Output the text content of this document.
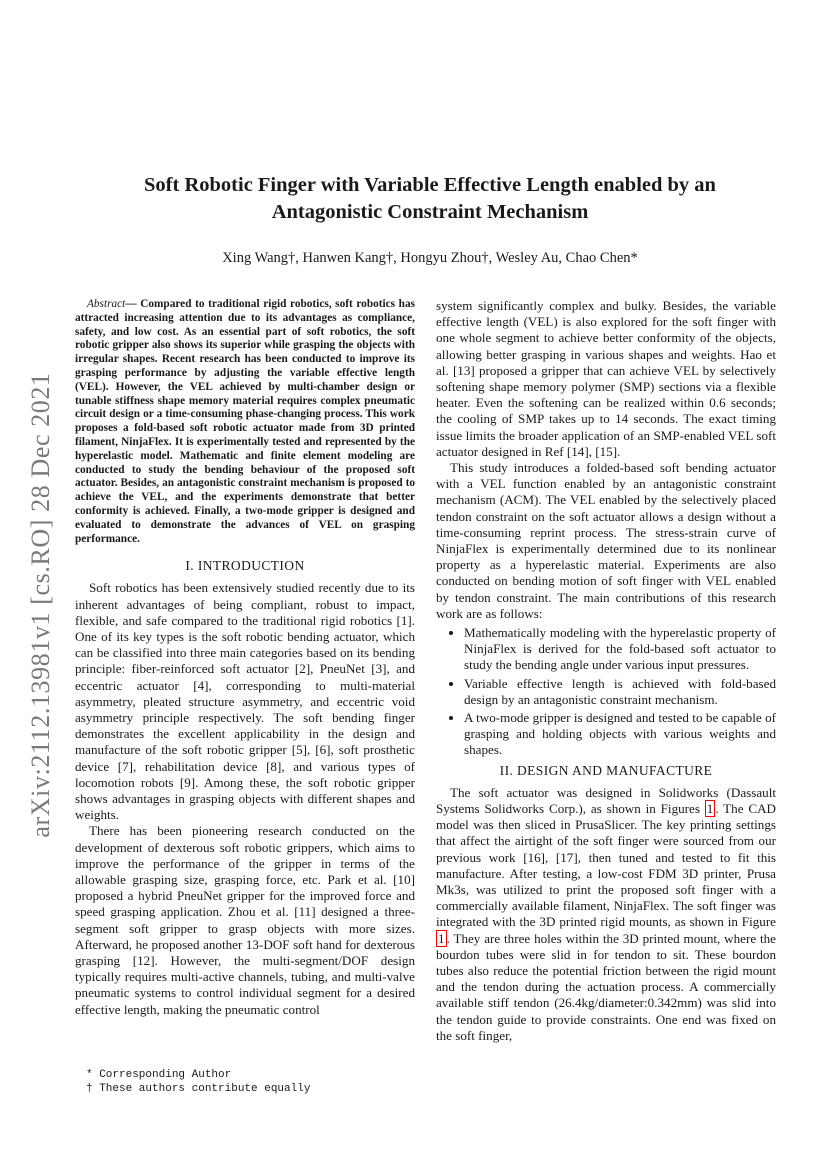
arXiv:2112.13981v1 [cs.RO] 28 Dec 2021
Soft Robotic Finger with Variable Effective Length enabled by an
Antagonistic Constraint Mechanism

Xing Wang†, Hanwen Kang†, Hongyu Zhou†, Wesley Au, Chao Chen*

Abstract— Compared to traditional rigid robotics, soft robotics has attracted increasing attention due to its advantages as compliance, safety, and low cost. As an essential part of soft robotics, the soft robotic gripper also shows its superior while grasping the objects with irregular shapes. Recent research has been conducted to improve its grasping performance by adjusting the variable effective length (VEL). However, the VEL achieved by multi-chamber design or tunable stiffness shape memory material requires complex pneumatic circuit design or a time-consuming phase-changing process. This work proposes a fold-based soft robotic actuator made from 3D printed filament, NinjaFlex. It is experimentally tested and represented by the hyperelastic model. Mathematic and finite element modeling are conducted to study the bending behaviour of the proposed soft actuator. Besides, an antagonistic constraint mechanism is proposed to achieve the VEL, and the experiments demonstrate that better conformity is achieved. Finally, a two-mode gripper is designed and evaluated to demonstrate the advances of VEL on grasping performance.

I. INTRODUCTION

Soft robotics has been extensively studied recently due to its inherent advantages of being compliant, robust to impact, flexible, and safe compared to the traditional rigid robotics [1]. One of its key types is the soft robotic bending actuator, which can be classified into three main categories based on its bending principle: fiber-reinforced soft actuator [2], PneuNet [3], and eccentric actuator [4], corresponding to multi-material asymmetry, pleated structure asymmetry, and eccentric void asymmetry principle respectively. The soft bending finger demonstrates the excellent applicability in the design and manufacture of the soft robotic gripper [5], [6], soft prosthetic device [7], rehabilitation device [8], and various types of locomotion robots [9]. Among these, the soft robotic gripper shows advantages in grasping objects with different shapes and weights.

There has been pioneering research conducted on the development of dexterous soft robotic grippers, which aims to improve the performance of the gripper in terms of the allowable grasping size, grasping force, etc. Park et al. [10] proposed a hybrid PneuNet gripper for the improved force and speed grasping application. Zhou et al. [11] designed a three-segment soft gripper to grasp objects with more sizes. Afterward, he proposed another 13-DOF soft hand for dexterous grasping [12]. However, the multi-segment/DOF design typically requires multi-active channels, tubing, and multi-valve pneumatic systems to control individual segment for a desired effective length, making the pneumatic control

system significantly complex and bulky. Besides, the variable effective length (VEL) is also explored for the soft finger with one whole segment to achieve better conformity of the objects, allowing better grasping in various shapes and weights. Hao et al. [13] proposed a gripper that can achieve VEL by selectively softening shape memory polymer (SMP) sections via a flexible heater. Even the softening can be realized within 0.6 seconds; the cooling of SMP takes up to 14 seconds. The exact timing issue limits the broader application of an SMP-enabled VEL soft actuator designed in Ref [14], [15].

This study introduces a folded-based soft bending actuator with a VEL function enabled by an antagonistic constraint mechanism (ACM). The VEL enabled by the selectively placed tendon constraint on the soft actuator allows a design without a time-consuming reprint process. The stress-strain curve of NinjaFlex is experimentally determined due to its nonlinear property as a hyperelastic material. Experiments are also conducted on bending motion of soft finger with VEL enabled by tendon constraint. The main contributions of this research work are as follows:

• Mathematically modeling with the hyperelastic property of NinjaFlex is derived for the fold-based soft actuator to study the bending angle under various input pressures.
• Variable effective length is achieved with fold-based design by an antagonistic constraint mechanism.
• A two-mode gripper is designed and tested to be capable of grasping and holding objects with various weights and shapes.
II. DESIGN AND MANUFACTURE

The soft actuator was designed in Solidworks (Dassault Systems Solidworks Corp.), as shown in Figures 1 . The CAD model was then sliced in PrusaSlicer. The key printing settings that affect the airtight of the soft finger were sourced from our previous work [16], [17], then tuned and tested to fit this manufacture. After testing, a low-cost FDM 3D printer, Prusa Mk3s, was utilized to print the proposed soft finger with a commercially available filament, NinjaFlex. The soft finger was integrated with the 3D printed rigid mounts, as shown in Figure 1 . They are three holes within the 3D printed mount, where the bourdon tubes were slid in for tendon to sit. These bourdon tubes also reduce the potential friction between the rigid mount and the tendon during the actuation process. A commercially available stiff tendon (26.4kg/diameter:0.342mm) was slid into the tendon guide to provide constraints. One end was fixed on the soft finger,

* Corresponding Author
† These authors contribute equally
